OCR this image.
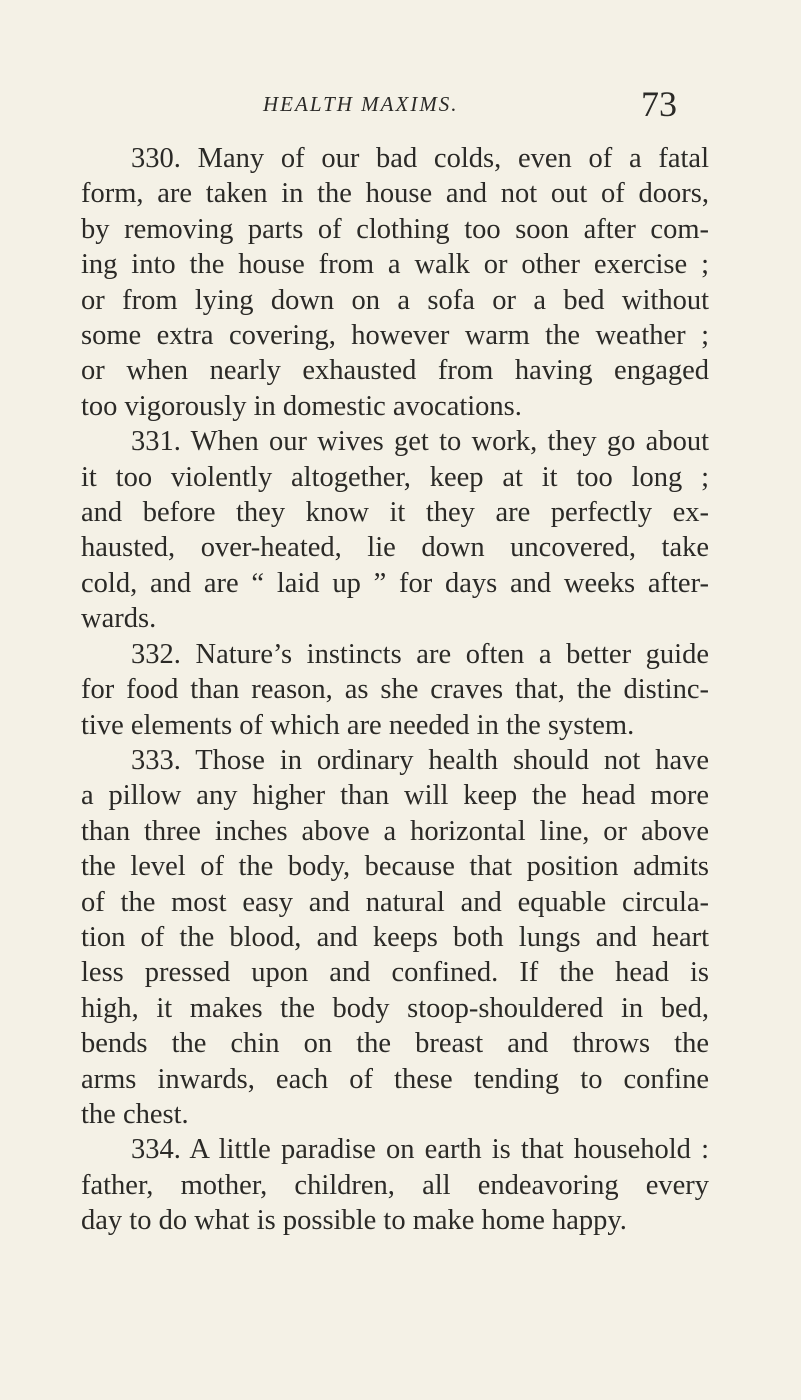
HEALTH MAXIMS.	73
330. Many of our bad colds, even of a fatal
form, are taken in the house and not out of doors,
by removing parts of clothing too soon after com-
ing into the house from a walk or other exercise ;
or from lying down on a sofa or a bed without
some extra covering, however warm the weather ;
or when nearly exhausted from having engaged
too vigorously in domestic avocations.
331. When our wives get to work, they go about
it too violently altogether, keep at it too long ;
and before they know it they are perfectly ex-
hausted, over-heated, lie down uncovered, take
cold, and are “ laid up ” for days and weeks after-
wards.
332. Nature’s instincts are often a better guide
for food than reason, as she craves that, the distinc-
tive elements of which are needed in the system.
333. Those in ordinary health should not have
a pillow any higher than will keep the head more
than three inches above a horizontal line, or above
the level of the body, because that position admits
of the most easy and natural and equable circula-
tion of the blood, and keeps both lungs and heart
less pressed upon and confined. If the head is
high, it makes the body stoop-shouldered in bed,
bends the chin on the breast and throws the
arms inwards, each of these tending to confine
the chest.
334. A little paradise on earth is that household :
father, mother, children, all endeavoring every
day to do what is possible to make home happy.
